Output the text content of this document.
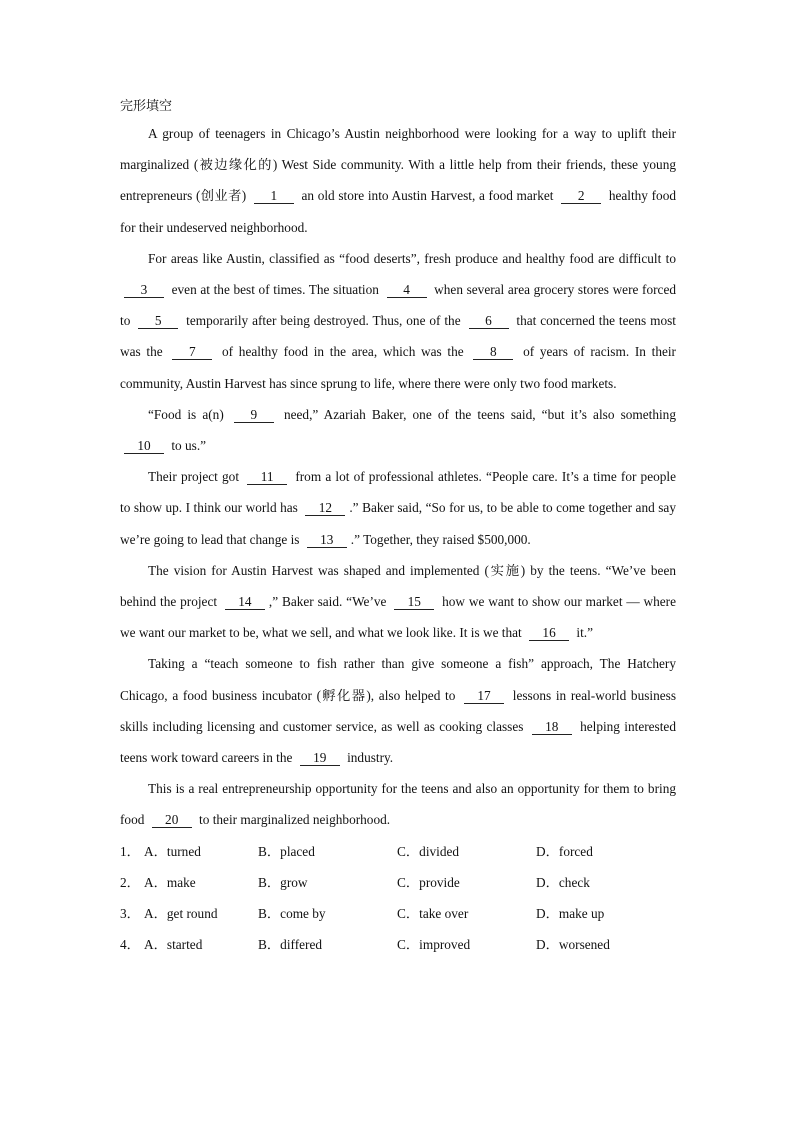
完形填空

A group of teenagers in Chicago’s Austin neighborhood were looking for a way to uplift their marginalized (被边缘化的) West Side community. With a little help from their friends, these young entrepreneurs (创业者) 1 an old store into Austin Harvest, a food market 2 healthy food for their undeserved neighborhood.

For areas like Austin, classified as “food deserts”, fresh produce and healthy food are difficult to 3 even at the best of times. The situation 4 when several area grocery stores were forced to 5 temporarily after being destroyed. Thus, one of the 6 that concerned the teens most was the 7 of healthy food in the area, which was the 8 of years of racism. In their community, Austin Harvest has since sprung to life, where there were only two food markets.

“Food is a(n) 9 need,” Azariah Baker, one of the teens said, “but it’s also something 10 to us.”

Their project got 11 from a lot of professional athletes. “People care. It’s a time for people to show up. I think our world has 12 .” Baker said, “So for us, to be able to come together and say we’re going to lead that change is 13 .” Together, they raised $500,000.

The vision for Austin Harvest was shaped and implemented (实施) by the teens. “We’ve been behind the project 14 ,” Baker said. “We’ve 15 how we want to show our market — where we want our market to be, what we sell, and what we look like. It is we that 16 it.”

Taking a “teach someone to fish rather than give someone a fish” approach, The Hatchery Chicago, a food business incubator (孵化器), also helped to 17 lessons in real-world business skills including licensing and customer service, as well as cooking classes 18 helping interested teens work toward careers in the 19 industry.

This is a real entrepreneurship opportunity for the teens and also an opportunity for them to bring food 20 to their marginalized neighborhood.

1． A．turned	B．placed	C．divided	D．forced
2． A．make	B．grow	C．provide	D．check
3． A．get round	B．come by	C．take over	D．make up
4． A．started	B．differed	C．improved	D．worsened
